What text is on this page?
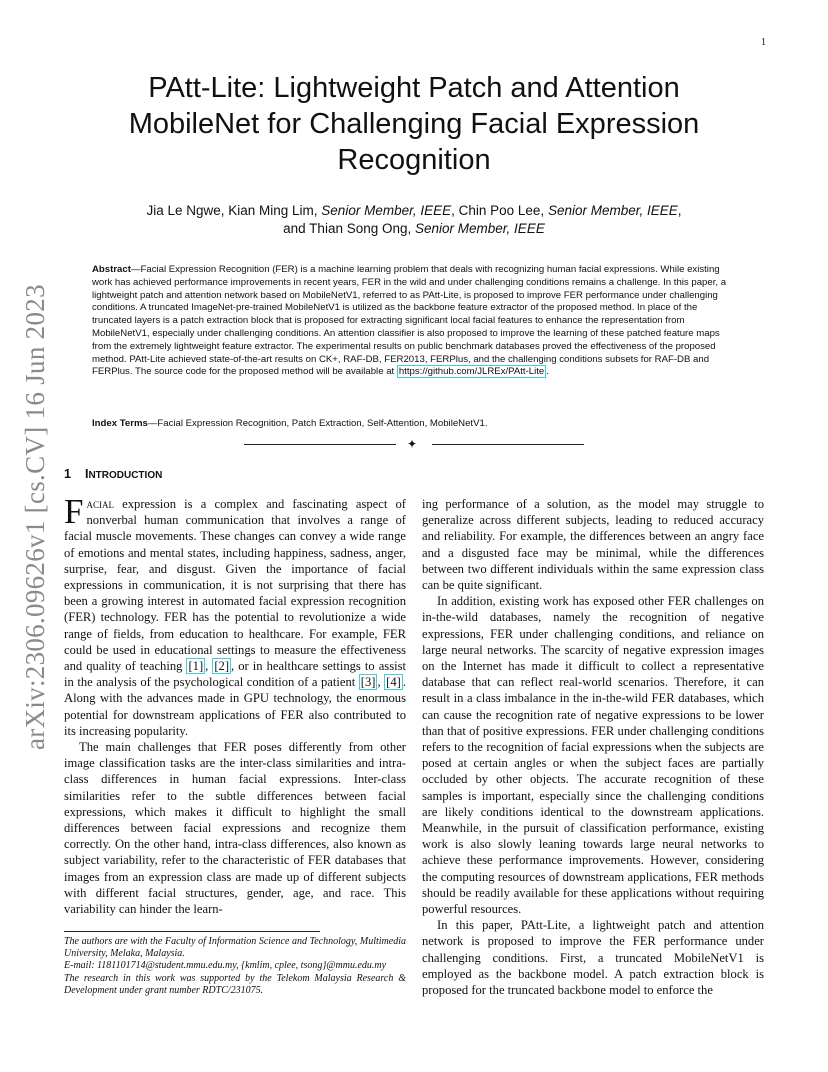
1
arXiv:2306.09626v1 [cs.CV] 16 Jun 2023
PAtt-Lite: Lightweight Patch and Attention MobileNet for Challenging Facial Expression Recognition
Jia Le Ngwe, Kian Ming Lim, Senior Member, IEEE, Chin Poo Lee, Senior Member, IEEE,
and Thian Song Ong, Senior Member, IEEE
Abstract—Facial Expression Recognition (FER) is a machine learning problem that deals with recognizing human facial expressions. While existing work has achieved performance improvements in recent years, FER in the wild and under challenging conditions remains a challenge. In this paper, a lightweight patch and attention network based on MobileNetV1, referred to as PAtt-Lite, is proposed to improve FER performance under challenging conditions. A truncated ImageNet-pre-trained MobileNetV1 is utilized as the backbone feature extractor of the proposed method. In place of the truncated layers is a patch extraction block that is proposed for extracting significant local facial features to enhance the representation from MobileNetV1, especially under challenging conditions. An attention classifier is also proposed to improve the learning of these patched feature maps from the extremely lightweight feature extractor. The experimental results on public benchmark databases proved the effectiveness of the proposed method. PAtt-Lite achieved state-of-the-art results on CK+, RAF-DB, FER2013, FERPlus, and the challenging conditions subsets for RAF-DB and FERPlus. The source code for the proposed method will be available at https://github.com/JLREx/PAtt-Lite .
Index Terms—Facial Expression Recognition, Patch Extraction, Self-Attention, MobileNetV1.
✦
1 INTRODUCTION

Facial expression is a complex and fascinating aspect of nonverbal human communication that involves a range of facial muscle movements. These changes can convey a wide range of emotions and mental states, including happiness, sadness, anger, surprise, fear, and disgust. Given the importance of facial expressions in communication, it is not surprising that there has been a growing interest in automated facial expression recognition (FER) technology. FER has the potential to revolutionize a wide range of fields, from education to healthcare. For example, FER could be used in educational settings to measure the effectiveness and quality of teaching [1] , [2] , or in healthcare settings to assist in the analysis of the psychological condition of a patient [3] , [4] . Along with the advances made in GPU technology, the enormous potential for downstream applications of FER also contributed to its increasing popularity.

The main challenges that FER poses differently from other image classification tasks are the inter-class similarities and intra-class differences in human facial expressions. Inter-class similarities refer to the subtle differences between facial expressions, which makes it difficult to highlight the small differences between facial expressions and recognize them correctly. On the other hand, intra-class differences, also known as subject variability, refer to the characteristic of FER databases that images from an expression class are made up of different subjects with different facial structures, gender, age, and race. This variability can hinder the learn-

The authors are with the Faculty of Information Science and Technology, Multimedia University, Melaka, Malaysia.

E-mail: 1181101714@student.mmu.edu.my, {kmlim, cplee, tsong}@mmu.edu.my

The research in this work was supported by the Telekom Malaysia Research & Development under grant number RDTC/231075.

ing performance of a solution, as the model may struggle to generalize across different subjects, leading to reduced accuracy and reliability. For example, the differences between an angry face and a disgusted face may be minimal, while the differences between two different individuals within the same expression class can be quite significant.

In addition, existing work has exposed other FER challenges on in-the-wild databases, namely the recognition of negative expressions, FER under challenging conditions, and reliance on large neural networks. The scarcity of negative expression images on the Internet has made it difficult to collect a representative database that can reflect real-world scenarios. Therefore, it can result in a class imbalance in the in-the-wild FER databases, which can cause the recognition rate of negative expressions to be lower than that of positive expressions. FER under challenging conditions refers to the recognition of facial expressions when the subjects are posed at certain angles or when the subject faces are partially occluded by other objects. The accurate recognition of these samples is important, especially since the challenging conditions are likely conditions identical to the downstream applications. Meanwhile, in the pursuit of classification performance, existing work is also slowly leaning towards large neural networks to achieve these performance improvements. However, considering the computing resources of downstream applications, FER methods should be readily available for these applications without requiring powerful resources.

In this paper, PAtt-Lite, a lightweight patch and attention network is proposed to improve the FER performance under challenging conditions. First, a truncated MobileNetV1 is employed as the backbone model. A patch extraction block is proposed for the truncated backbone model to enforce the
